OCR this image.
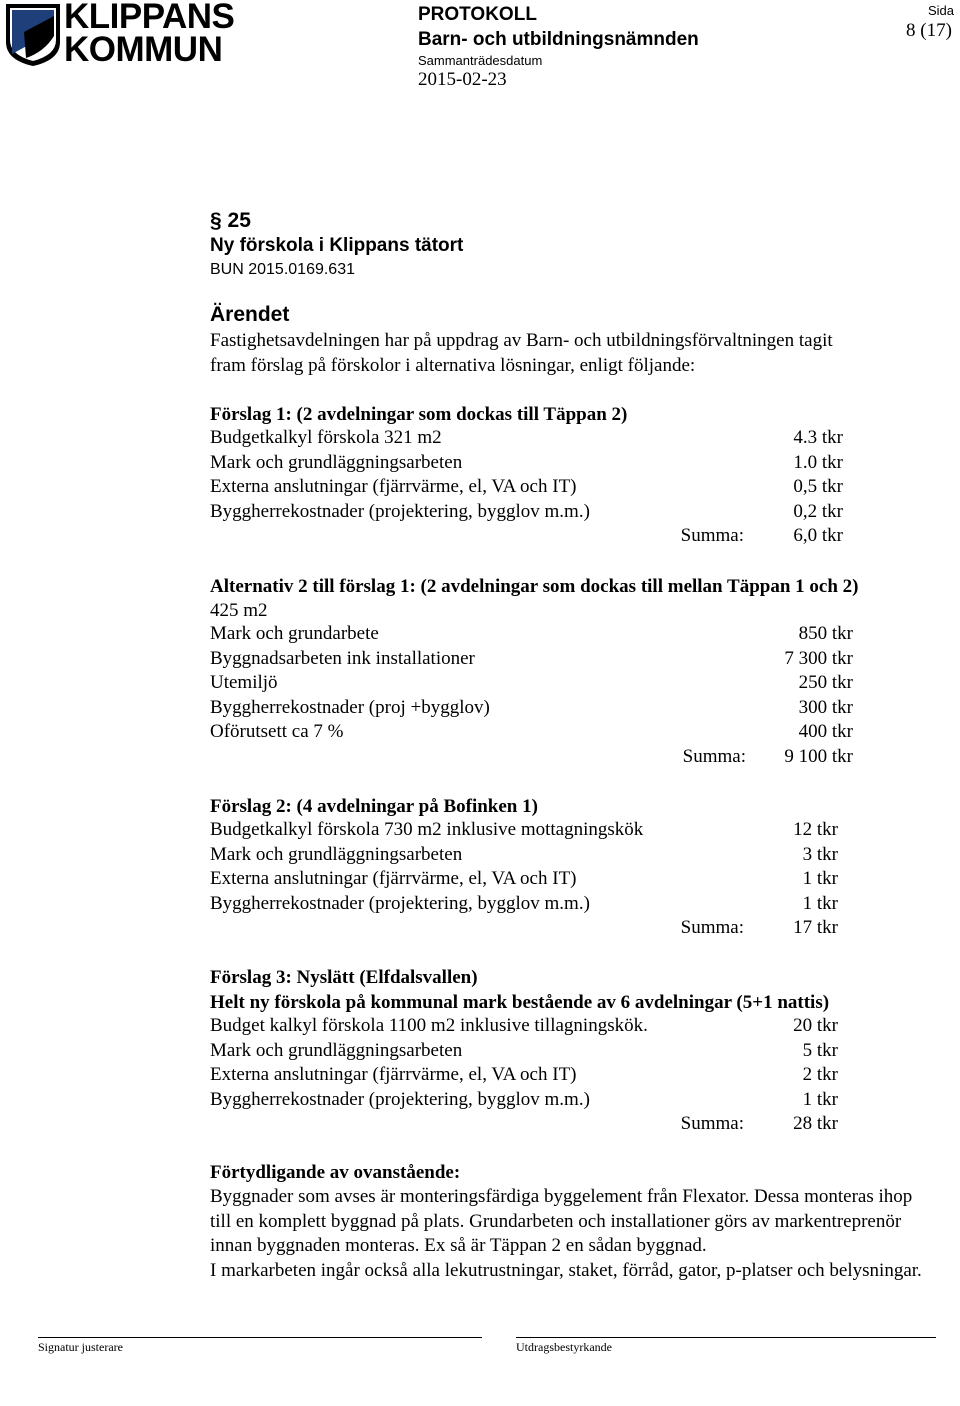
KLIPPANS
KOMMUN
PROTOKOLL
Barn- och utbildningsnämnden
Sammanträdesdatum
2015-02-23
Sida
8 (17)
§ 25
Ny förskola i Klippans tätort
BUN 2015.0169.631
Ärendet
Fastighetsavdelningen har på uppdrag av Barn- och utbildningsförvaltningen tagit
fram förslag på förskolor i alternativa lösningar, enligt följande:
Förslag 1: (2 avdelningar som dockas till Täppan 2)
Budgetkalkyl förskola 321 m2	4.3 tkr
Mark och grundläggningsarbeten	1.0 tkr
Externa anslutningar (fjärrvärme, el, VA och IT)	0,5 tkr
Byggherrekostnader (projektering, bygglov m.m.)	0,2 tkr
Summa:	6,0 tkr
Alternativ 2 till förslag 1: (2 avdelningar som dockas till mellan Täppan 1 och 2)
425 m2
Mark och grundarbete	850 tkr
Byggnadsarbeten ink installationer	7 300 tkr
Utemiljö	250 tkr
Byggherrekostnader (proj +bygglov)	300 tkr
Oförutsett ca 7 %	400 tkr
Summa: 9 100 tkr
Förslag 2: (4 avdelningar på Bofinken 1)
Budgetkalkyl förskola 730 m2 inklusive mottagningskök	12 tkr
Mark och grundläggningsarbeten	3 tkr
Externa anslutningar (fjärrvärme, el, VA och IT)	1 tkr
Byggherrekostnader (projektering, bygglov m.m.)	1 tkr
Summa:	17 tkr
Förslag 3: Nyslätt (Elfdalsvallen)
Helt ny förskola på kommunal mark bestående av 6 avdelningar (5+1 nattis)
Budget kalkyl förskola 1100 m2 inklusive tillagningskök.	20 tkr
Mark och grundläggningsarbeten	5 tkr
Externa anslutningar (fjärrvärme, el, VA och IT)	2 tkr
Byggherrekostnader (projektering, bygglov m.m.)	1 tkr
Summa:	28 tkr
Förtydligande av ovanstående:
Byggnader som avses är monteringsfärdiga byggelement från Flexator. Dessa monteras ihop till en komplett byggnad på plats. Grundarbeten och installationer görs av markentreprenör innan byggnaden monteras. Ex så är Täppan 2 en sådan byggnad.
I markarbeten ingår också alla lekutrustningar, staket, förråd, gator, p-platser och belysningar.
Signatur justerare	Utdragsbestyrkande
